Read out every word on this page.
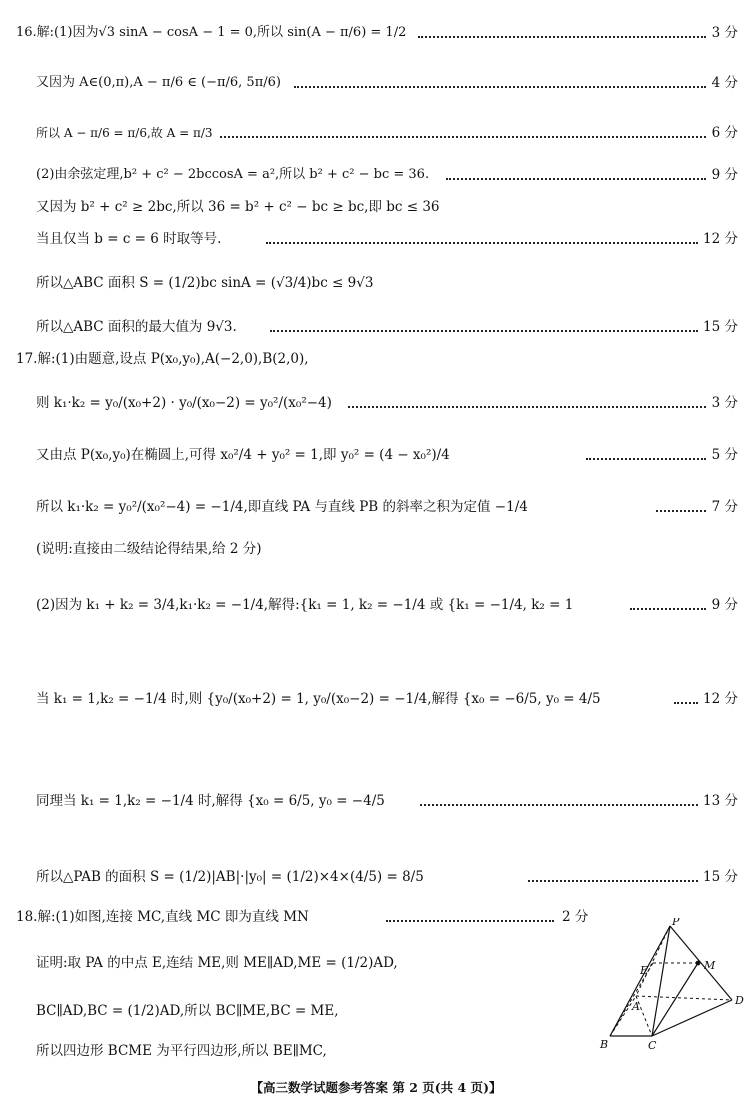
16.解:(1)因为√3 sinA − cosA − 1 = 0,所以 sin(A − π/6) = 1/2	3 分
又因为 A∈(0,π),A − π/6 ∈ (−π/6, 5π/6)	4 分
所以 A − π/6 = π/6,故 A = π/3	6 分
(2)由余弦定理,b² + c² − 2bccosA = a²,所以 b² + c² − bc = 36.	9 分
又因为 b² + c² ≥ 2bc,所以 36 = b² + c² − bc ≥ bc,即 bc ≤ 36
当且仅当 b = c = 6 时取等号.	12 分
所以△ABC 面积 S = (1/2)bc sinA = (√3/4)bc ≤ 9√3
所以△ABC 面积的最大值为 9√3.	15 分
17.解:(1)由题意,设点 P(x₀,y₀),A(−2,0),B(2,0),
则 k₁·k₂ = y₀/(x₀+2) · y₀/(x₀−2) = y₀²/(x₀²−4)	3 分
又由点 P(x₀,y₀)在椭圆上,可得 x₀²/4 + y₀² = 1,即 y₀² = (4 − x₀²)/4	5 分
所以 k₁·k₂ = y₀²/(x₀²−4) = −1/4,即直线 PA 与直线 PB 的斜率之积为定值 −1/4	7 分
(说明:直接由二级结论得结果,给 2 分)
(2)因为 k₁ + k₂ = 3/4,k₁·k₂ = −1/4,解得:{k₁ = 1, k₂ = −1/4 或 {k₁ = −1/4, k₂ = 1	9 分
当 k₁ = 1,k₂ = −1/4 时,则 {y₀/(x₀+2) = 1, y₀/(x₀−2) = −1/4,解得 {x₀ = −6/5, y₀ = 4/5	12 分
同理当 k₁ = 1,k₂ = −1/4 时,解得 {x₀ = 6/5, y₀ = −4/5	13 分
所以△PAB 的面积 S = (1/2)|AB|·|y₀| = (1/2)×4×(4/5) = 8/5	15 分
18.解:(1)如图,连接 MC,直线 MC 即为直线 MN	2 分
证明:取 PA 的中点 E,连结 ME,则 ME∥AD,ME = (1/2)AD,
BC∥AD,BC = (1/2)AD,所以 BC∥ME,BC = ME,
所以四边形 BCME 为平行四边形,所以 BE∥MC,
P
E	M
A	D
B	C
【高三数学试题参考答案 第 2 页(共 4 页)】
